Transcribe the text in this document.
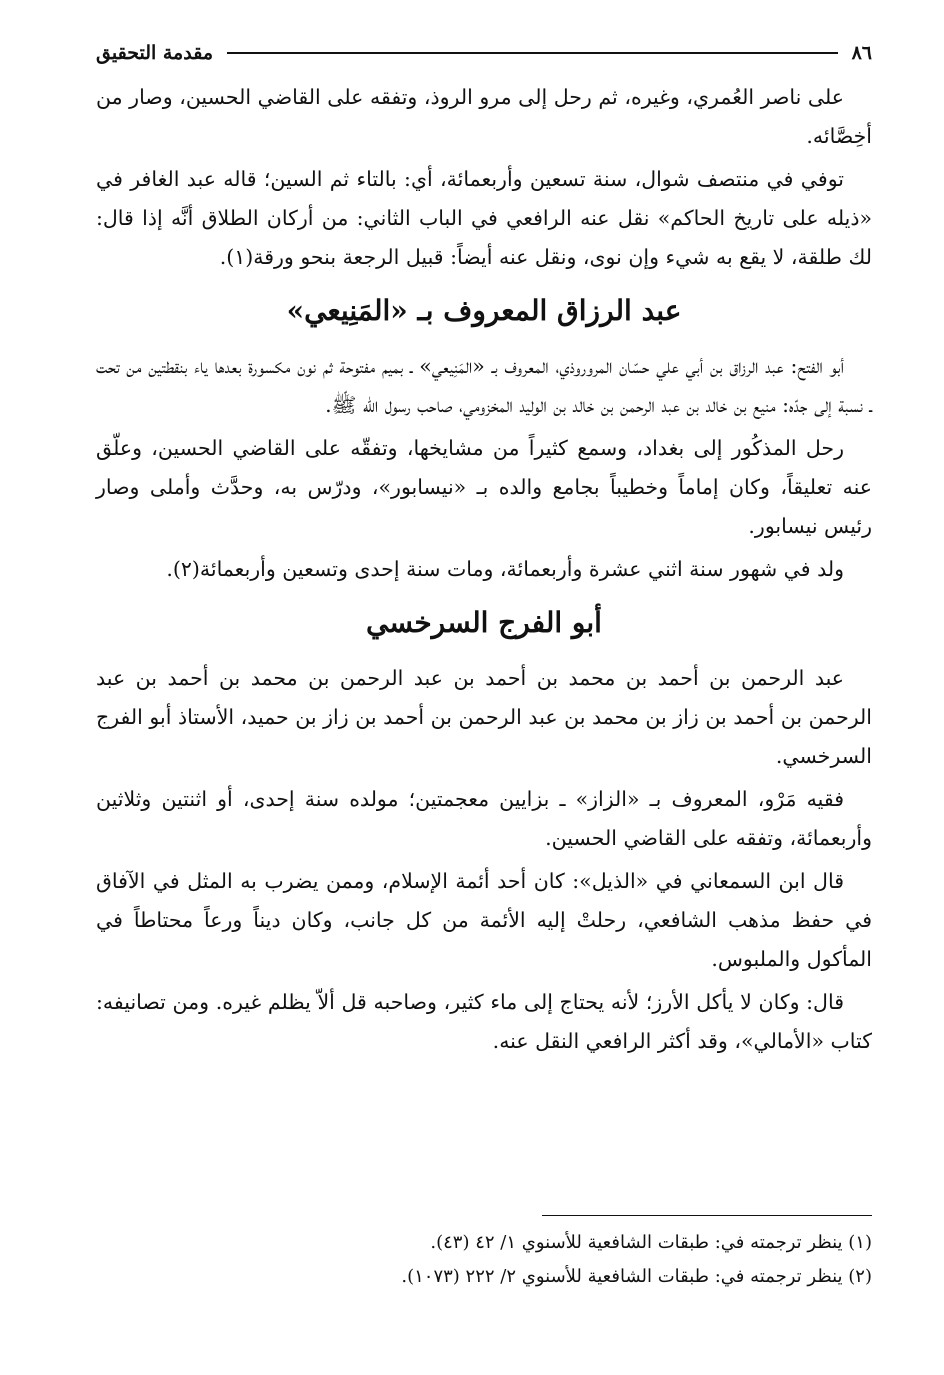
٨٦
مقدمة التحقيق

على ناصر العُمري، وغيره، ثم رحل إلى مرو الروذ، وتفقه على القاضي الحسين، وصار من أخِصَّائه.

توفي في منتصف شوال، سنة تسعين وأربعمائة، أي: بالتاء ثم السين؛ قاله عبد الغافر في «ذيله على تاريخ الحاكم» نقل عنه الرافعي في الباب الثاني: من أركان الطلاق أنَّه إذا قال: لك طلقة، لا يقع به شيء وإن نوى، ونقل عنه أيضاً: قبيل الرجعة بنحو ورقة(١).

عبد الرزاق المعروف بـ «المَنِيعي»

أبو الفتح: عبد الرزاق بن أبي علي حسّان المروروذي، المعروف بـ «المَنِيعي» ـ بميم مفتوحة ثم نون مكسورة بعدها ياء بنقطتين من تحت ـ نسبة إلى جدّه: منيع بن خالد بن عبد الرحمن بن خالد بن الوليد المخزومي، صاحب رسول الله ﷺ.

رحل المذكُور إلى بغداد، وسمع كثيراً من مشايخها، وتفقّه على القاضي الحسين، وعلّق عنه تعليقاً، وكان إماماً وخطيباً بجامع والده بـ «نيسابور»، ودرّس به، وحدَّث وأملى وصار رئيس نيسابور.

ولد في شهور سنة اثني عشرة وأربعمائة، ومات سنة إحدى وتسعين وأربعمائة(٢).

أبو الفرج السرخسي

عبد الرحمن بن أحمد بن محمد بن أحمد بن عبد الرحمن بن محمد بن أحمد بن عبد الرحمن بن أحمد بن زاز بن محمد بن عبد الرحمن بن أحمد بن زاز بن حميد، الأستاذ أبو الفرج السرخسي.

فقيه مَرْو، المعروف بـ «الزاز» ـ بزايين معجمتين؛ مولده سنة إحدى، أو اثنتين وثلاثين وأربعمائة، وتفقه على القاضي الحسين.

قال ابن السمعاني في «الذيل»: كان أحد أئمة الإسلام، وممن يضرب به المثل في الآفاق في حفظ مذهب الشافعي، رحلتْ إليه الأئمة من كل جانب، وكان ديناً ورعاً محتاطاً في المأكول والملبوس.

قال: وكان لا يأكل الأرز؛ لأنه يحتاج إلى ماء كثير، وصاحبه قل ألاّ يظلم غيره. ومن تصانيفه: كتاب «الأمالي»، وقد أكثر الرافعي النقل عنه.

(١) ينظر ترجمته في: طبقات الشافعية للأسنوي ١/ ٤٢ (٤٣).
(٢) ينظر ترجمته في: طبقات الشافعية للأسنوي ٢/ ٢٢٢ (١٠٧٣).
